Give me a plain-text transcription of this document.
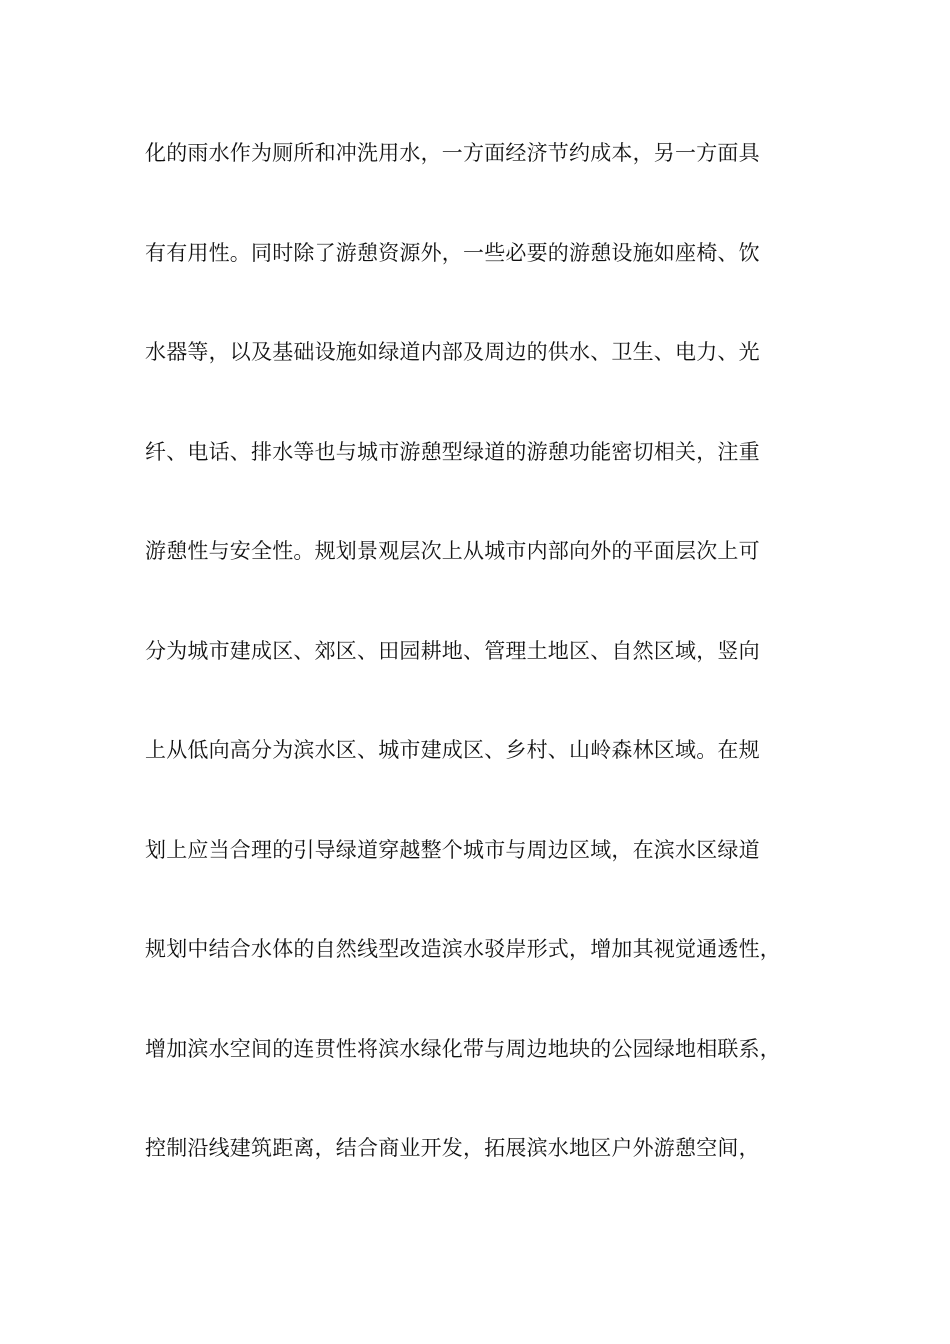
化的雨水作为厕所和冲洗用水，一方面经济节约成本，另一方面具
有有用性。同时除了游憩资源外，一些必要的游憩设施如座椅、饮
水器等，以及基础设施如绿道内部及周边的供水、卫生、电力、光
纤、电话、排水等也与城市游憩型绿道的游憩功能密切相关，注重
游憩性与安全性。规划景观层次上从城市内部向外的平面层次上可
分为城市建成区、郊区、田园耕地、管理土地区、自然区域，竖向
上从低向高分为滨水区、城市建成区、乡村、山岭森林区域。在规
划上应当合理的引导绿道穿越整个城市与周边区域，在滨水区绿道
规划中结合水体的自然线型改造滨水驳岸形式，增加其视觉通透性，
增加滨水空间的连贯性将滨水绿化带与周边地块的公园绿地相联系，
控制沿线建筑距离，结合商业开发，拓展滨水地区户外游憩空间，
